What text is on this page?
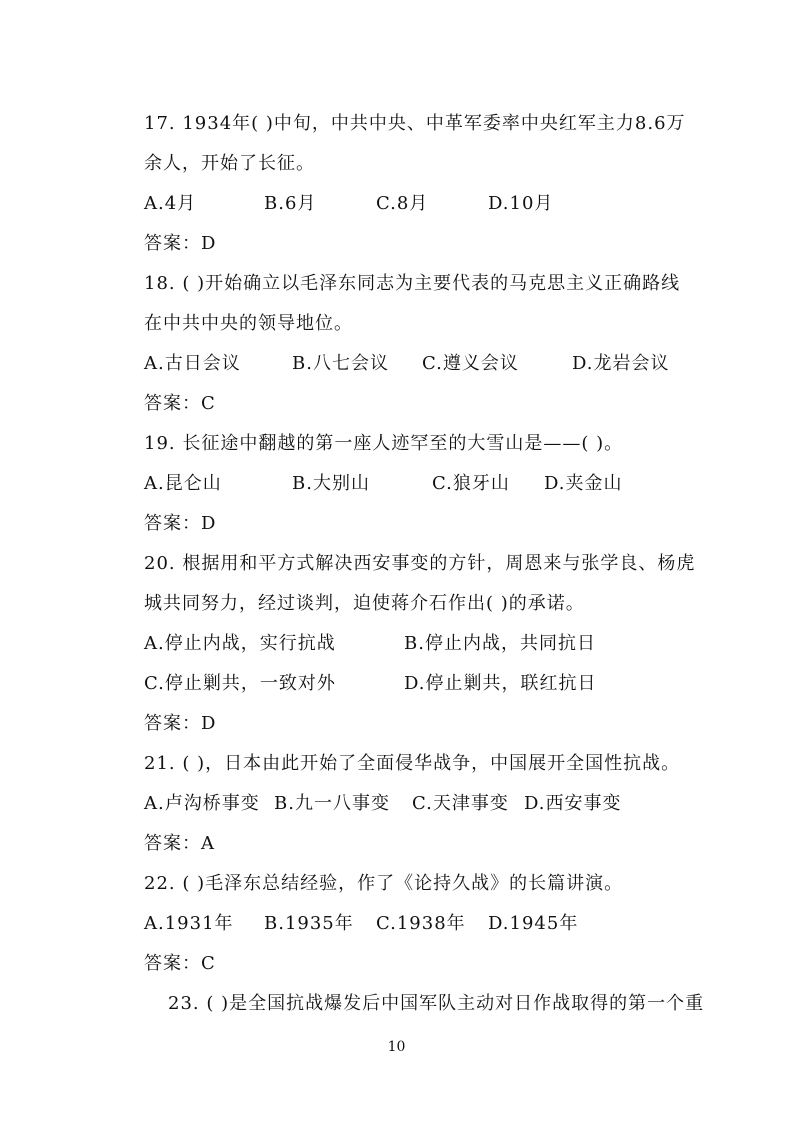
17. 1934年( )中旬，中共中央、中革军委率中央红军主力8.6万
余人，开始了长征。
A.4月	B.6月	C.8月	D.10月
答案：D
18. ( )开始确立以毛泽东同志为主要代表的马克思主义正确路线
在中共中央的领导地位。
A.古日会议	B.八七会议 C.遵义会议	D.龙岩会议
答案：C
19. 长征途中翻越的第一座人迹罕至的大雪山是——( )。
A.昆仑山	B.大别山	C.狼牙山 D.夹金山
答案：D
20. 根据用和平方式解决西安事变的方针，周恩来与张学良、杨虎
城共同努力，经过谈判，迫使蒋介石作出( )的承诺。
A.停止内战，实行抗战	B.停止内战，共同抗日
C.停止剿共，一致对外	D.停止剿共，联红抗日
答案：D
21. ( )，日本由此开始了全面侵华战争，中国展开全国性抗战。
A.卢沟桥事变 B.九一八事变 C.天津事变 D.西安事变
答案：A
22. ( )毛泽东总结经验，作了《论持久战》的长篇讲演。
A.1931年 B.1935年 C.1938年 D.1945年
答案：C
23. ( )是全国抗战爆发后中国军队主动对日作战取得的第一个重
10
